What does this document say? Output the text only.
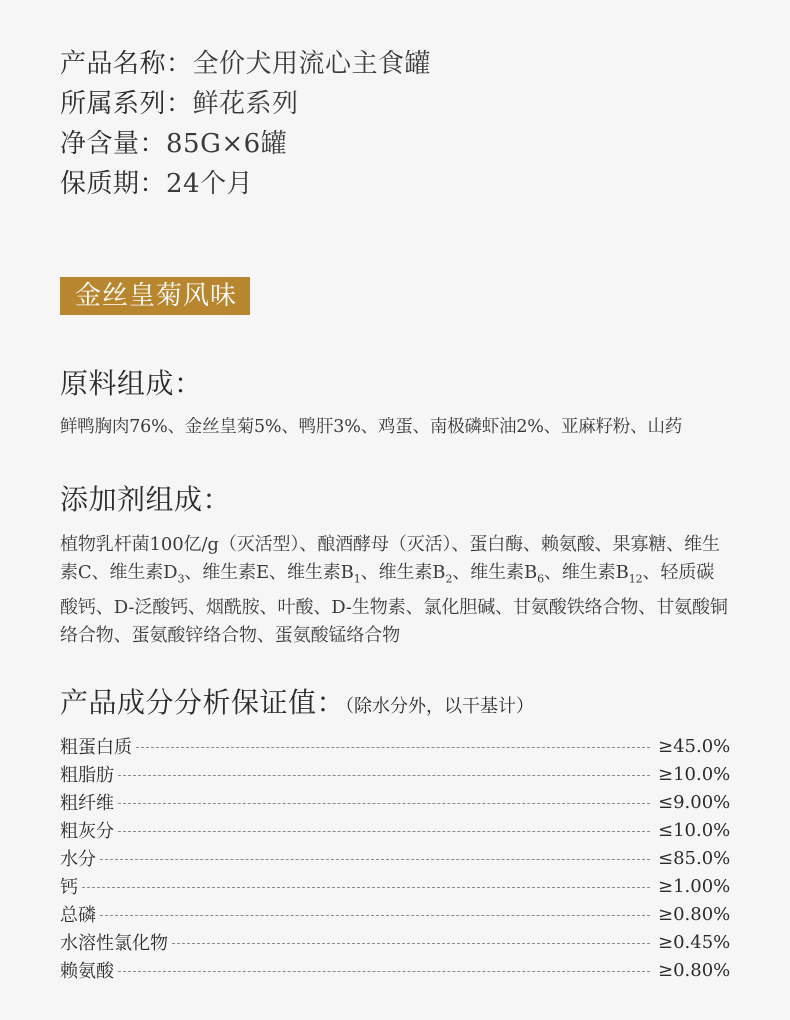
产品名称：全价犬用流心主食罐
所属系列：鲜花系列
净含量：85G×6罐
保质期：24个月
金丝皇菊风味
原料组成：
鲜鸭胸肉76%、金丝皇菊5%、鸭肝3%、鸡蛋、南极磷虾油2%、亚麻籽粉、山药
添加剂组成：
植物乳杆菌100亿/g（灭活型）、酿酒酵母（灭活）、蛋白酶、赖氨酸、果寡糖、维生素C、维生素$D_3$、维生素E、维生素$B_1$、维生素$B_2$、维生素$B_6$、维生素$B_{12}$、轻质碳酸钙、D-泛酸钙、烟酰胺、叶酸、D-生物素、氯化胆碱、甘氨酸铁络合物、甘氨酸铜络合物、蛋氨酸锌络合物、蛋氨酸锰络合物
产品成分分析保证值：（除水分外，以干基计）
粗蛋白质	≥45.0%
粗脂肪	≥10.0%
粗纤维	≤9.00%
粗灰分	≤10.0%
水分	≤85.0%
钙	≥1.00%
总磷	≥0.80%
水溶性氯化物	≥0.45%
赖氨酸	≥0.80%
